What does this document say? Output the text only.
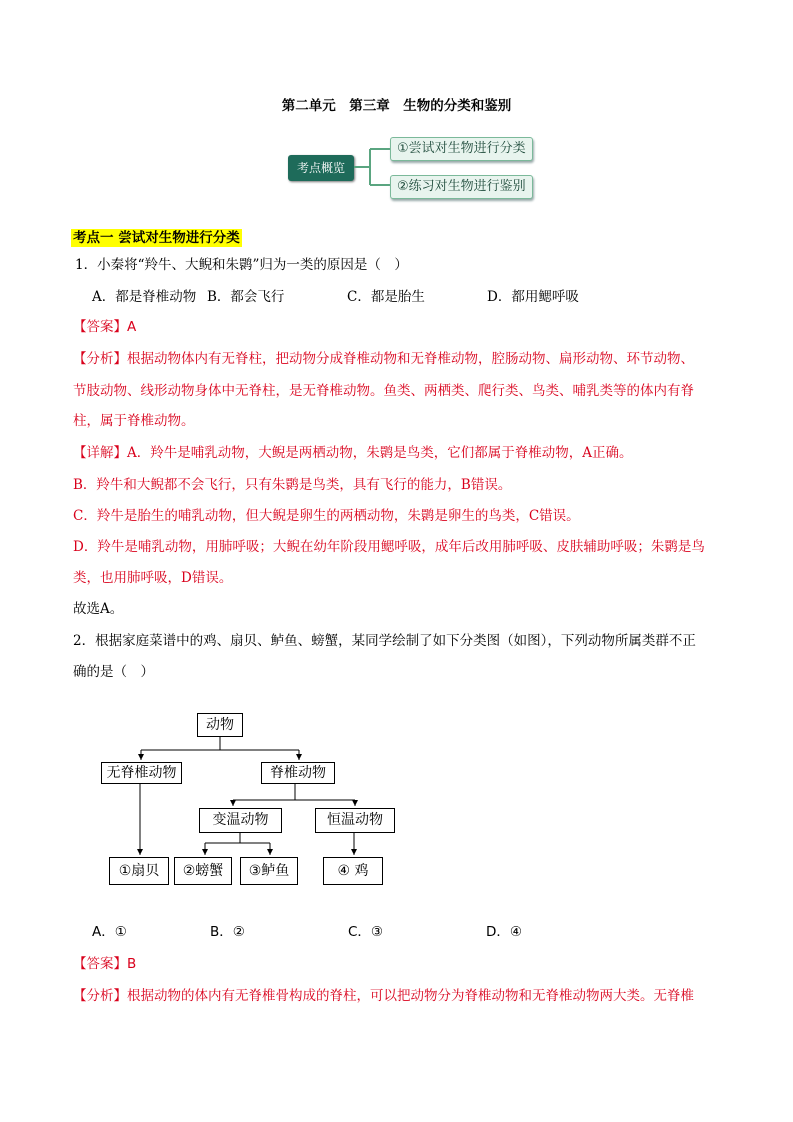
第二单元　第三章　生物的分类和鉴别
考点概览
①尝试对生物进行分类
②练习对生物进行鉴别
考点一 尝试对生物进行分类
1．小秦将“羚牛、大鲵和朱鹮”归为一类的原因是（　）
A．都是脊椎动物 B．都会飞行	C．都是胎生	D．都用鳃呼吸
【答案】A
【分析】根据动物体内有无脊柱，把动物分成脊椎动物和无脊椎动物，腔肠动物、扁形动物、环节动物、
节肢动物、线形动物身体中无脊柱，是无脊椎动物。鱼类、两栖类、爬行类、鸟类、哺乳类等的体内有脊
柱，属于脊椎动物。
【详解】A．羚牛是哺乳动物，大鲵是两栖动物，朱鹮是鸟类，它们都属于脊椎动物，A正确。
B．羚牛和大鲵都不会飞行，只有朱鹮是鸟类，具有飞行的能力，B错误。
C．羚牛是胎生的哺乳动物，但大鲵是卵生的两栖动物，朱鹮是卵生的鸟类，C错误。
D．羚牛是哺乳动物，用肺呼吸；大鲵在幼年阶段用鳃呼吸，成年后改用肺呼吸、皮肤辅助呼吸；朱鹮是鸟
类，也用肺呼吸，D错误。
故选A。
2．根据家庭菜谱中的鸡、扇贝、鲈鱼、螃蟹，某同学绘制了如下分类图（如图），下列动物所属类群不正
确的是（　）
动物
无脊椎动物	脊椎动物
变温动物	恒温动物
①扇贝	②螃蟹	③鲈鱼	④ 鸡
A．①	B．②	C．③	D．④
【答案】B
【分析】根据动物的体内有无脊椎骨构成的脊柱，可以把动物分为脊椎动物和无脊椎动物两大类。无脊椎
